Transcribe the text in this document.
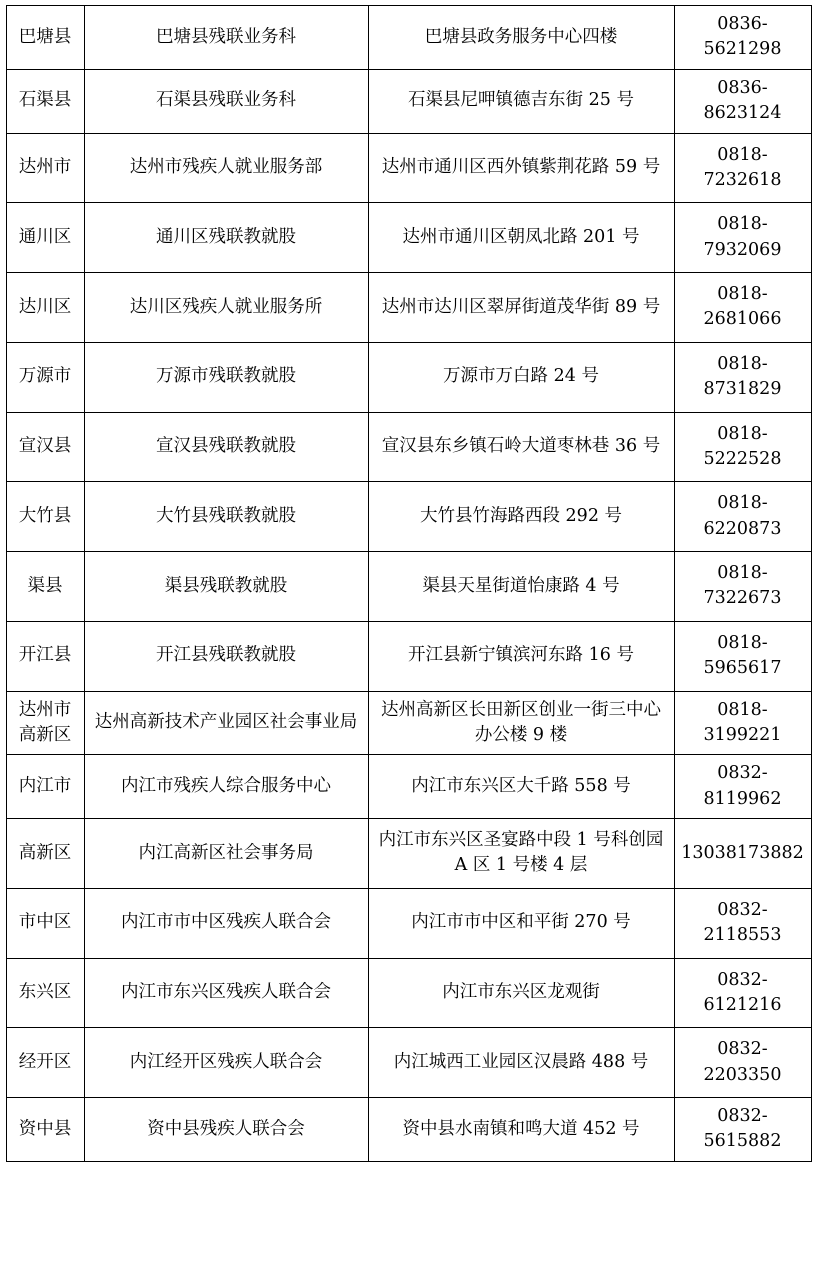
巴塘县	巴塘县残联业务科	巴塘县政务服务中心四楼	0836-5621298
石渠县	石渠县残联业务科	石渠县尼呷镇德吉东街 25 号	0836-8623124
达州市	达州市残疾人就业服务部	达州市通川区西外镇紫荆花路 59 号	0818-7232618
通川区	通川区残联教就股	达州市通川区朝凤北路 201 号	0818-7932069
达川区	达川区残疾人就业服务所	达州市达川区翠屏街道茂华街 89 号	0818-2681066
万源市	万源市残联教就股	万源市万白路 24 号	0818-8731829
宣汉县	宣汉县残联教就股	宣汉县东乡镇石岭大道枣林巷 36 号	0818-5222528
大竹县	大竹县残联教就股	大竹县竹海路西段 292 号	0818-6220873
渠县	渠县残联教就股	渠县天星街道怡康路 4 号	0818-7322673
开江县	开江县残联教就股	开江县新宁镇滨河东路 16 号	0818-5965617
达州市高新区	达州高新技术产业园区社会事业局	达州高新区长田新区创业一街三中心办公楼 9 楼	0818-3199221
内江市	内江市残疾人综合服务中心	内江市东兴区大千路 558 号	0832-8119962
高新区	内江高新区社会事务局	内江市东兴区圣宴路中段 1 号科创园 A 区 1 号楼 4 层	13038173882
市中区	内江市市中区残疾人联合会	内江市市中区和平街 270 号	0832-2118553
东兴区	内江市东兴区残疾人联合会	内江市东兴区龙观街	0832-6121216
经开区	内江经开区残疾人联合会	内江城西工业园区汉晨路 488 号	0832-2203350
资中县	资中县残疾人联合会	资中县水南镇和鸣大道 452 号	0832-5615882
